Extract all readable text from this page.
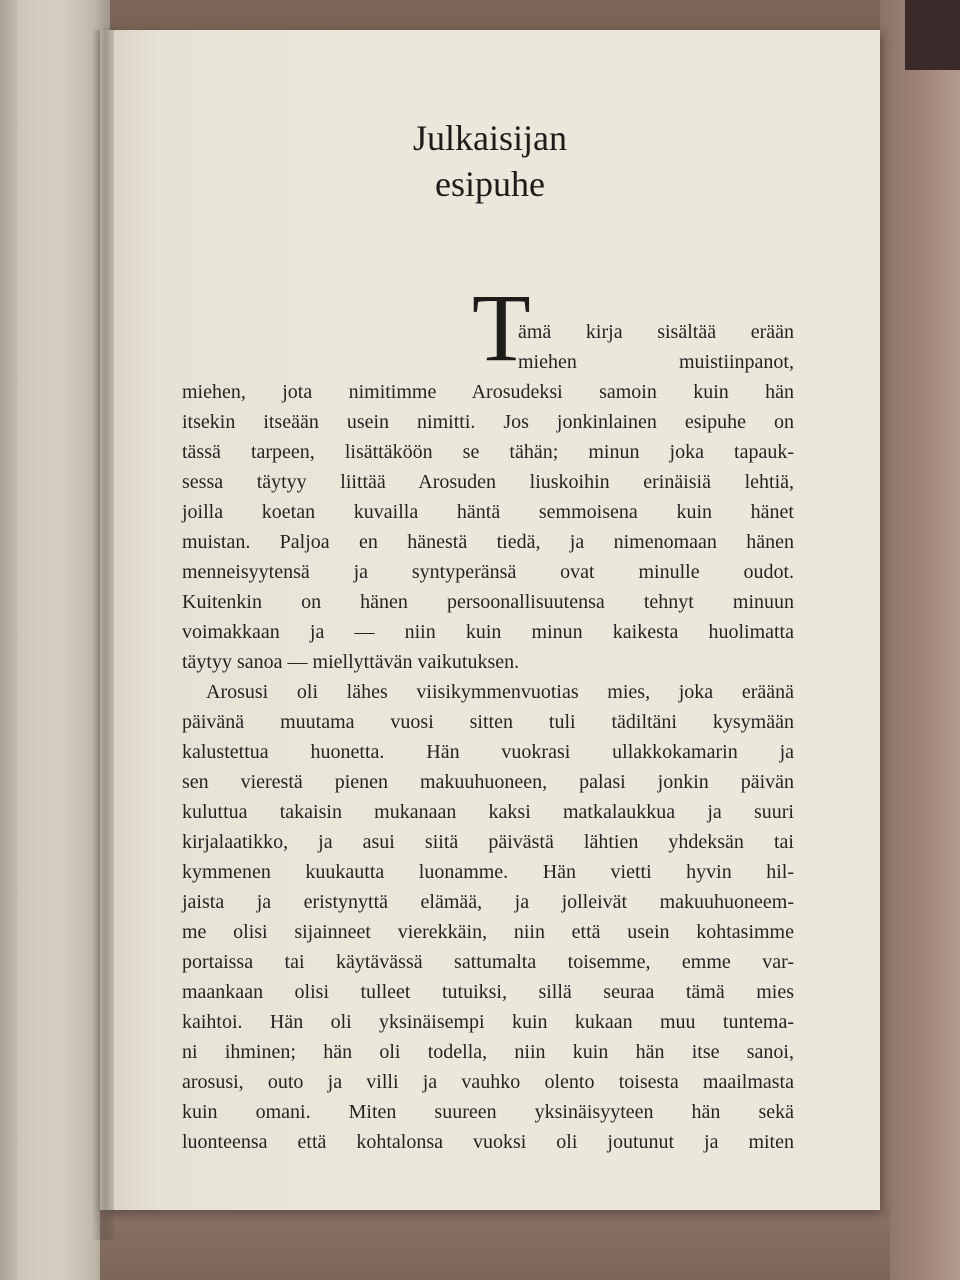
Julkaisijan
esipuhe
T
ämä kirja sisältää erään
miehen muistiinpanot,
miehen, jota nimitimme Arosudeksi samoin kuin hän
itsekin itseään usein nimitti. Jos jonkinlainen esipuhe on
tässä tarpeen, lisättäköön se tähän; minun joka tapauk-
sessa täytyy liittää Arosuden liuskoihin erinäisiä lehtiä,
joilla koetan kuvailla häntä semmoisena kuin hänet
muistan. Paljoa en hänestä tiedä, ja nimenomaan hänen
menneisyytensä ja syntyperänsä ovat minulle oudot.
Kuitenkin on hänen persoonallisuutensa tehnyt minuun
voimakkaan ja — niin kuin minun kaikesta huolimatta
täytyy sanoa — miellyttävän vaikutuksen.
Arosusi oli lähes viisikymmenvuotias mies, joka eräänä
päivänä muutama vuosi sitten tuli tädiltäni kysymään
kalustettua huonetta. Hän vuokrasi ullakkokamarin ja
sen vierestä pienen makuuhuoneen, palasi jonkin päivän
kuluttua takaisin mukanaan kaksi matkalaukkua ja suuri
kirjalaatikko, ja asui siitä päivästä lähtien yhdeksän tai
kymmenen kuukautta luonamme. Hän vietti hyvin hil-
jaista ja eristynyttä elämää, ja jolleivät makuuhuoneem-
me olisi sijainneet vierekkäin, niin että usein kohtasimme
portaissa tai käytävässä sattumalta toisemme, emme var-
maankaan olisi tulleet tutuiksi, sillä seuraa tämä mies
kaihtoi. Hän oli yksinäisempi kuin kukaan muu tuntema-
ni ihminen; hän oli todella, niin kuin hän itse sanoi,
arosusi, outo ja villi ja vauhko olento toisesta maailmasta
kuin omani. Miten suureen yksinäisyyteen hän sekä
luonteensa että kohtalonsa vuoksi oli joutunut ja miten
